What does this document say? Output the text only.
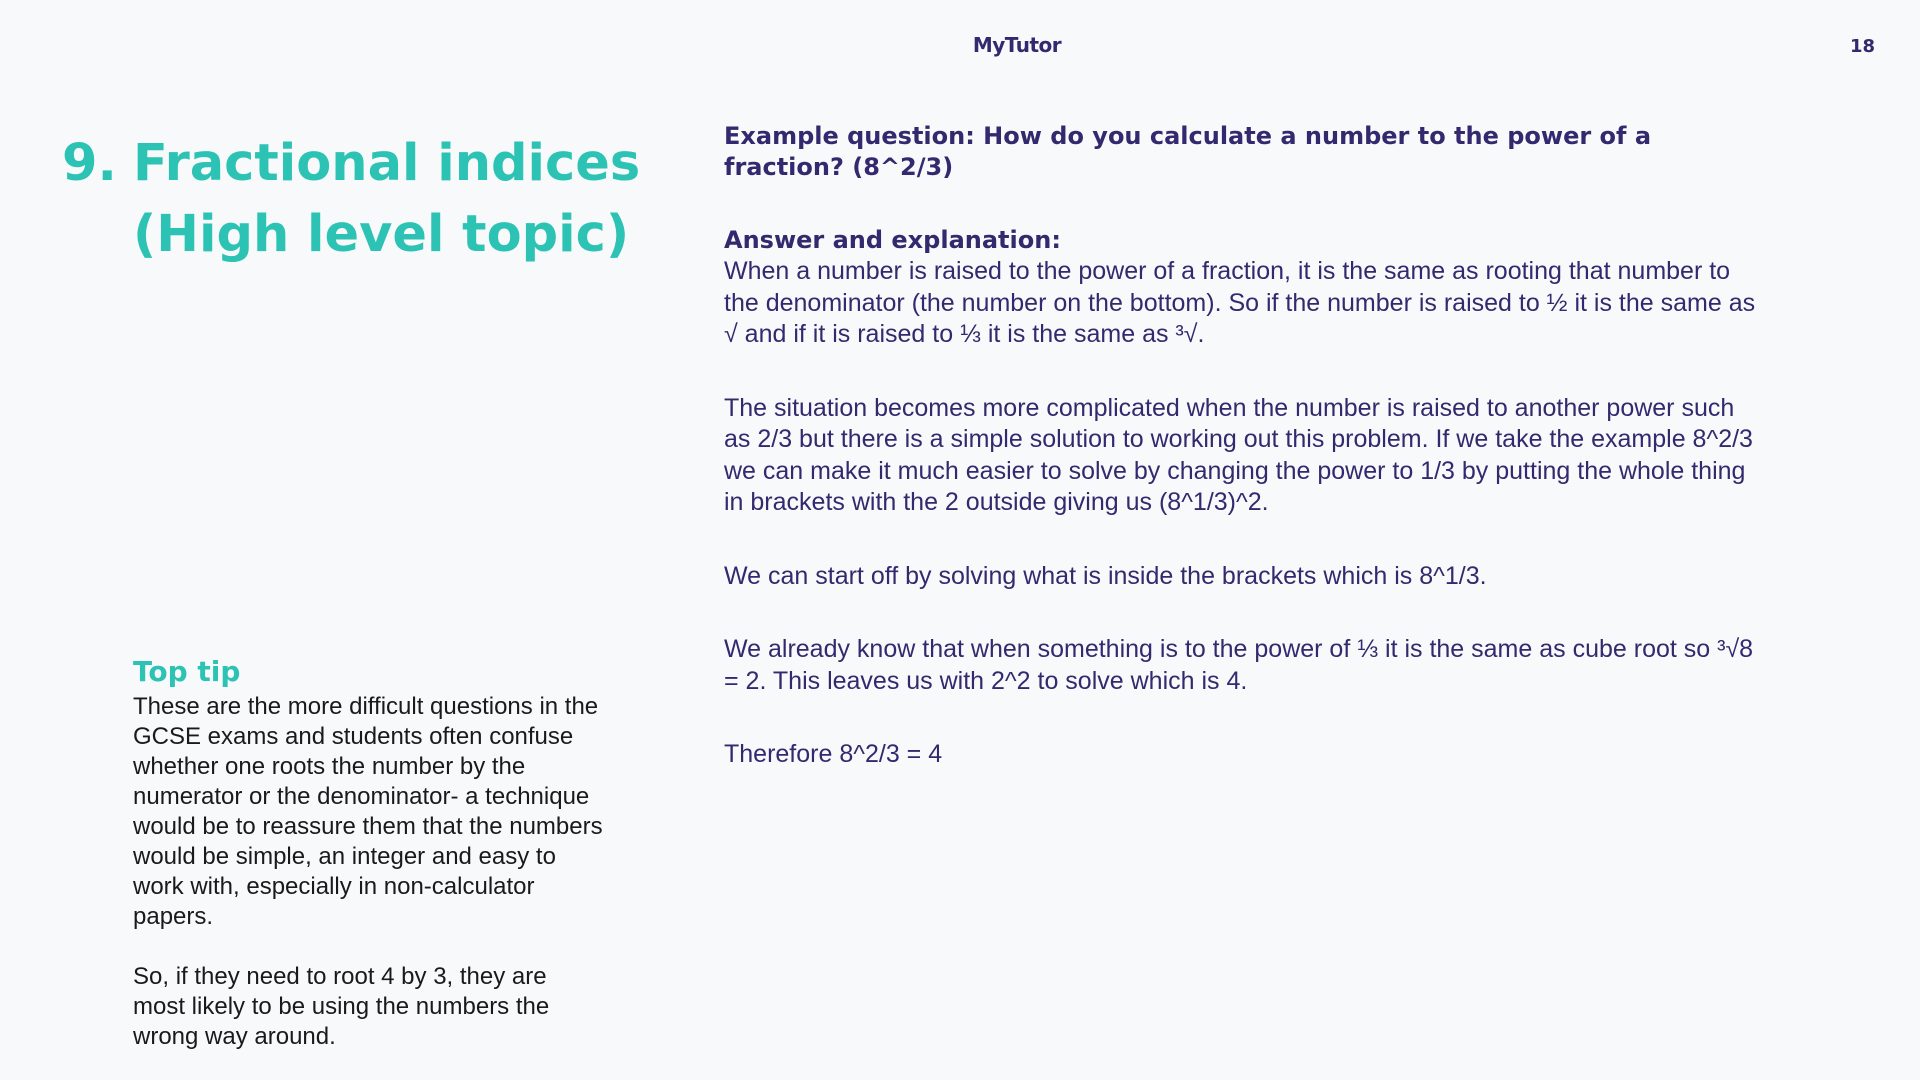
MyTutor	18
9. Fractional indices (High level topic)
Top tip

These are the more difficult questions in the GCSE exams and students often confuse whether one roots the number by the numerator or the denominator- a technique would be to reassure them that the numbers would be simple, an integer and easy to work with, especially in non-calculator papers.

So, if they need to root 4 by 3, they are most likely to be using the numbers the wrong way around.

Example question: How do you calculate a number to the power of a fraction? (8^2/3)

Answer and explanation:

When a number is raised to the power of a fraction, it is the same as rooting that number to the denominator (the number on the bottom). So if the number is raised to ½ it is the same as √ and if it is raised to ⅓ it is the same as ³√.

The situation becomes more complicated when the number is raised to another power such as 2/3 but there is a simple solution to working out this problem. If we take the example 8^2/3 we can make it much easier to solve by changing the power to 1/3 by putting the whole thing in brackets with the 2 outside giving us (8^1/3)^2.

We can start off by solving what is inside the brackets which is 8^1/3.

We already know that when something is to the power of ⅓ it is the same as cube root so ³√8 = 2. This leaves us with 2^2 to solve which is 4.

Therefore 8^2/3 = 4
